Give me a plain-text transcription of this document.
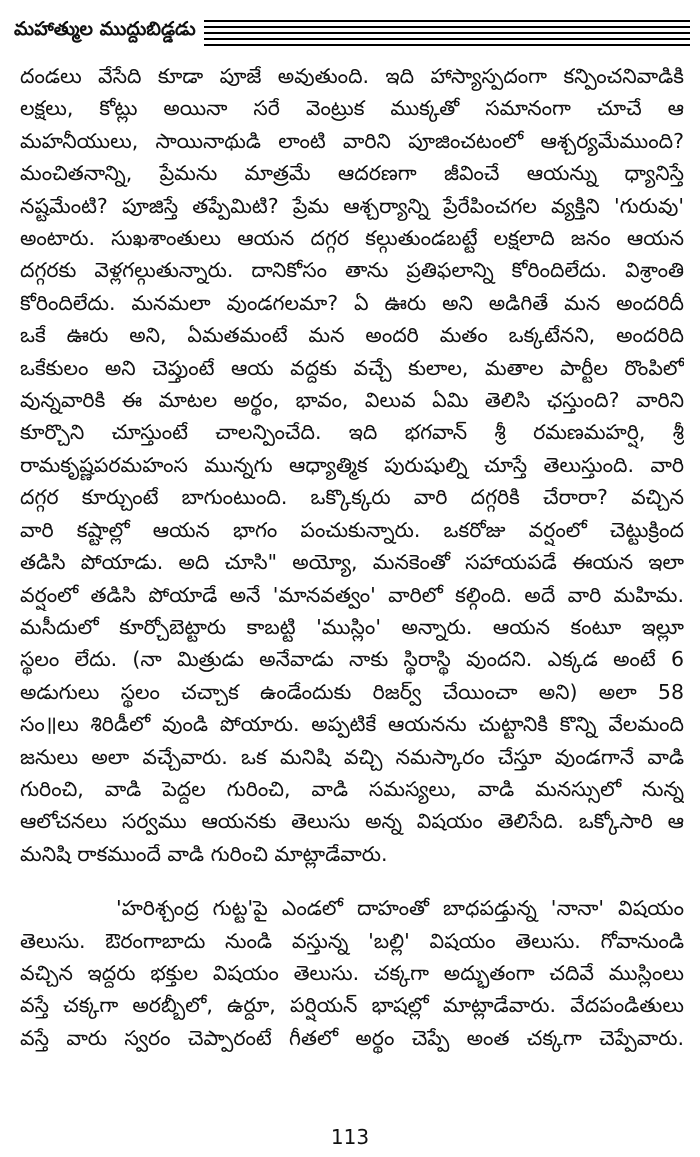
మహాత్ముల ముద్దుబిడ్డడు

దండలు వేసేది కూడా పూజే అవుతుంది. ఇది హాస్యాస్పదంగా కన్పించనివాడికి
లక్షలు, కోట్లు అయినా సరే వెంట్రుక ముక్కతో సమానంగా చూచే ఆ
మహనీయులు, సాయినాథుడి లాంటి వారిని పూజించటంలో ఆశ్చర్యమేముంది?
మంచితనాన్ని, ప్రేమను మాత్రమే ఆదరణగా జీవించే ఆయన్ను ధ్యానిస్తే
నష్టమేంటి? పూజిస్తే తప్పేమిటి? ప్రేమ ఆశ్చర్యాన్ని ప్రేరేపించగల వ్యక్తిని 'గురువు'
అంటారు. సుఖశాంతులు ఆయన దగ్గర కల్గుతుండబట్టే లక్షలాది జనం ఆయన
దగ్గరకు వెళ్లగల్గుతున్నారు. దానికోసం తాను ప్రతిఫలాన్ని కోరిందిలేదు. విశ్రాంతి
కోరిందిలేదు. మనమలా వుండగలమా? ఏ ఊరు అని అడిగితే మన అందరిదీ
ఒకే ఊరు అని, ఏమతమంటే మన అందరి మతం ఒక్కటేనని, అందరిది
ఒకేకులం అని చెప్తుంటే ఆయ వద్దకు వచ్చే కులాల, మతాల పార్టీల రొంపిలో
వున్నవారికి ఈ మాటల అర్థం, భావం, విలువ ఏమి తెలిసి ఛస్తుంది? వారిని
కూర్చొని చూస్తుంటే చాలన్పించేది. ఇది భగవాన్ శ్రీ రమణమహర్షి, శ్రీ
రామకృష్ణపరమహంస మున్నగు ఆధ్యాత్మిక పురుషుల్ని చూస్తే తెలుస్తుంది. వారి
దగ్గర కూర్చుంటే బాగుంటుంది. ఒక్కొక్కరు వారి దగ్గరికి చేరారా? వచ్చిన
వారి కష్టాల్లో ఆయన భాగం పంచుకున్నారు. ఒకరోజు వర్షంలో చెట్టుక్రింద
తడిసి పోయాడు. అది చూసి" అయ్యో, మనకెంతో సహాయపడే ఈయన ఇలా
వర్షంలో తడిసి పోయాడే అనే 'మానవత్వం' వారిలో కల్గింది. అదే వారి మహిమ.
మసీదులో కూర్చోబెట్టారు కాబట్టి 'ముస్లిం' అన్నారు. ఆయన కంటూ ఇల్లూ
స్థలం లేదు. (నా మిత్రుడు అనేవాడు నాకు స్థిరాస్థి వుందని. ఎక్కడ అంటే 6
అడుగులు స్థలం చచ్చాక ఉండేందుకు రిజర్వ్ చేయించా అని) అలా 58
సం॥లు శిరిడీలో వుండి పోయారు. అప్పటికే ఆయనను చుట్టానికి కొన్ని వేలమంది
జనులు అలా వచ్చేవారు. ఒక మనిషి వచ్చి నమస్కారం చేస్తూ వుండగానే వాడి
గురించి, వాడి పెద్దల గురించి, వాడి సమస్యలు, వాడి మనస్సులో నున్న
ఆలోచనలు సర్వము ఆయనకు తెలుసు అన్న విషయం తెలిసేది. ఒక్కోసారి ఆ
మనిషి రాకముందే వాడి గురించి మాట్లాడేవారు.

'హరిశ్చంద్ర గుట్ట'పై ఎండలో దాహంతో బాధపడ్తున్న 'నానా' విషయం
తెలుసు. ఔరంగాబాదు నుండి వస్తున్న 'బల్లి' విషయం తెలుసు. గోవానుండి
వచ్చిన ఇద్దరు భక్తుల విషయం తెలుసు. చక్కగా అద్భుతంగా చదివే ముస్లింలు
వస్తే చక్కగా అరబ్బీలో, ఉర్దూ, పర్షియన్ భాషల్లో మాట్లాడేవారు. వేదపండితులు
వస్తే వారు స్వరం చెప్పారంటే గీతలో అర్థం చెప్పే అంత చక్కగా చెప్పేవారు.

113
